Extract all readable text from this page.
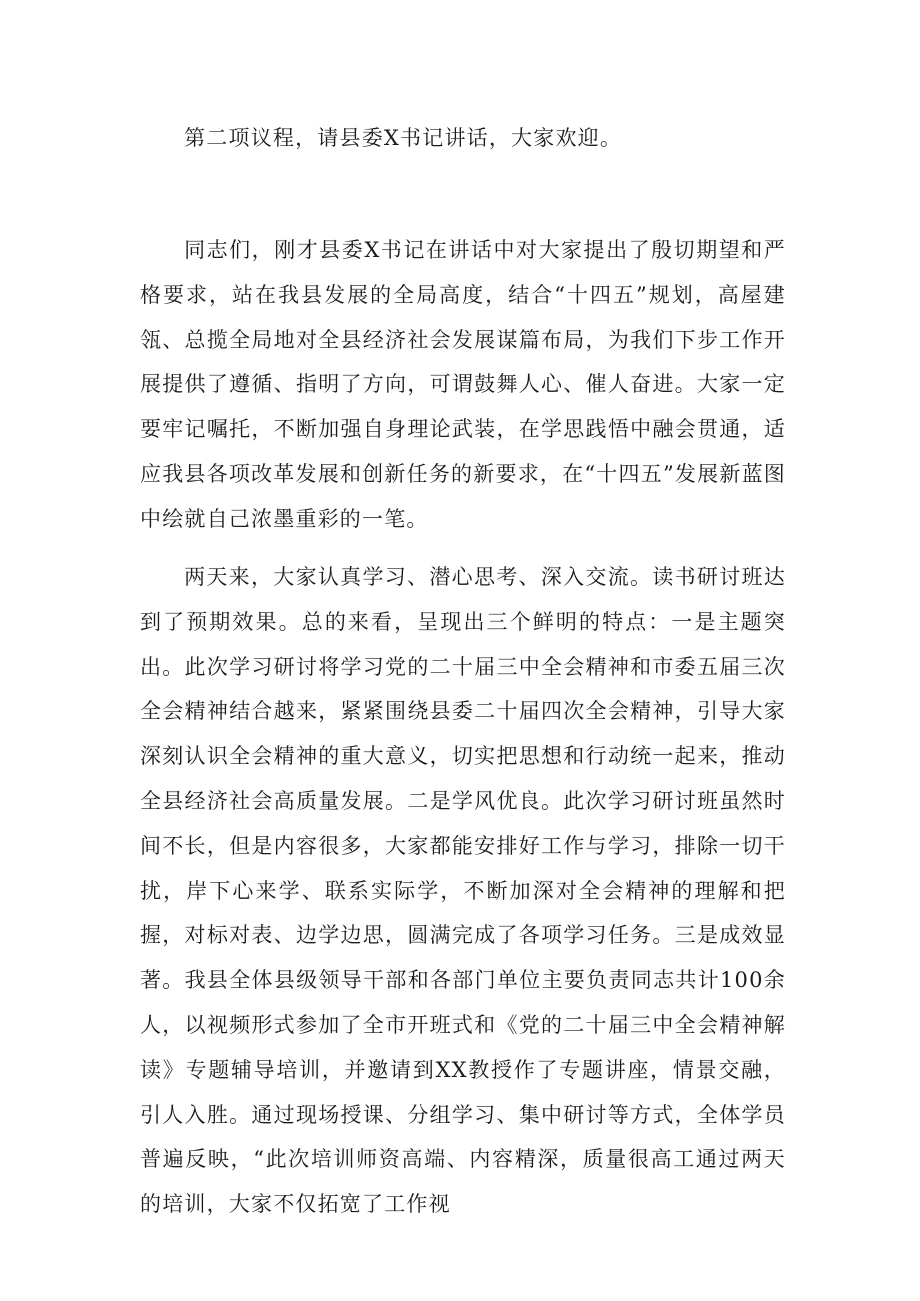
第二项议程，请县委X书记讲话，大家欢迎。

同志们，刚才县委X书记在讲话中对大家提出了殷切期望和严格要求，站在我县发展的全局高度，结合“十四五”规划，高屋建瓴、总揽全局地对全县经济社会发展谋篇布局，为我们下步工作开展提供了遵循、指明了方向，可谓鼓舞人心、催人奋进。大家一定要牢记嘱托，不断加强自身理论武装，在学思践悟中融会贯通，适应我县各项改革发展和创新任务的新要求，在“十四五”发展新蓝图中绘就自己浓墨重彩的一笔。

两天来，大家认真学习、潜心思考、深入交流。读书研讨班达到了预期效果。总的来看，呈现出三个鲜明的特点：一是主题突出。此次学习研讨将学习党的二十届三中全会精神和市委五届三次全会精神结合越来，紧紧围绕县委二十届四次全会精神，引导大家深刻认识全会精神的重大意义，切实把思想和行动统一起来，推动全县经济社会高质量发展。二是学风优良。此次学习研讨班虽然时间不长，但是内容很多，大家都能安排好工作与学习，排除一切干扰，岸下心来学、联系实际学，不断加深对全会精神的理解和把握，对标对表、边学边思，圆满完成了各项学习任务。三是成效显著。我县全体县级领导干部和各部门单位主要负责同志共计100余人，以视频形式参加了全市开班式和《党的二十届三中全会精神解读》专题辅导培训，并邀请到XX教授作了专题讲座，情景交融，引人入胜。通过现场授课、分组学习、集中研讨等方式，全体学员普遍反映，“此次培训师资高端、内容精深，质量很高工通过两天的培训，大家不仅拓宽了工作视
